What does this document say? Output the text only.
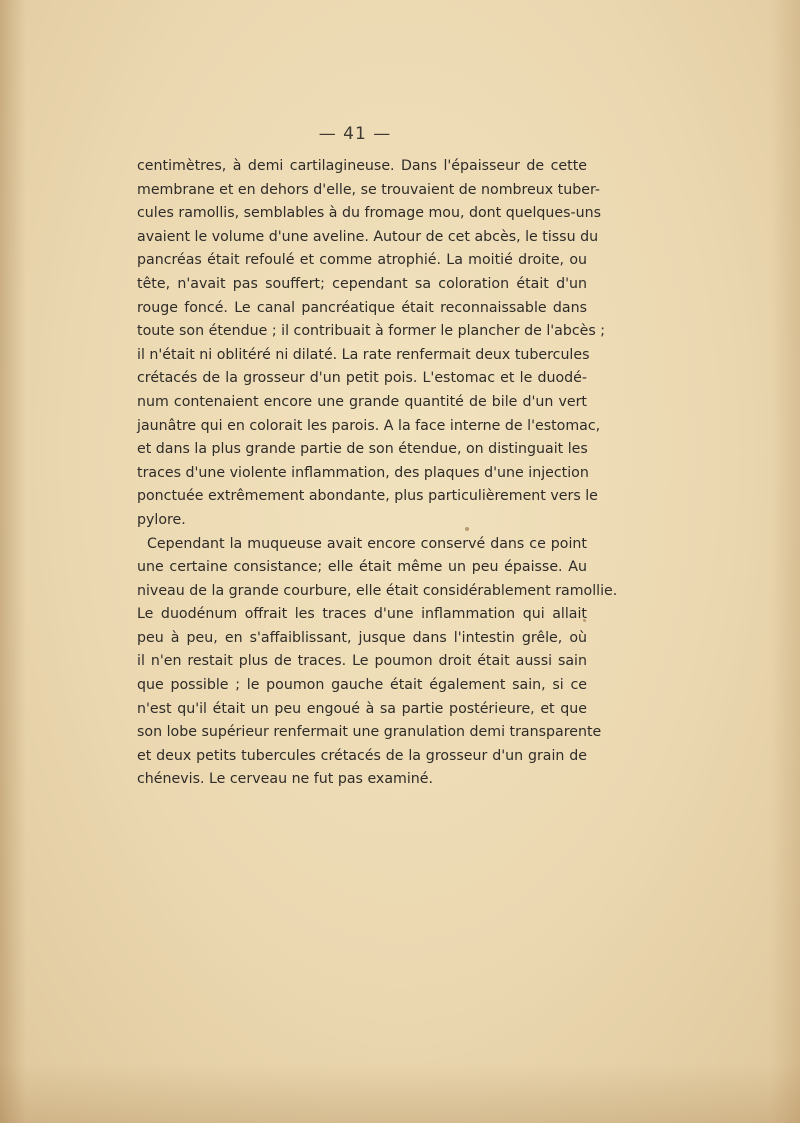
— 41 —
centimètres, à demi cartilagineuse. Dans l'épaisseur de cette
membrane et en dehors d'elle, se trouvaient de nombreux tuber-
cules ramollis, semblables à du fromage mou, dont quelques-uns
avaient le volume d'une aveline. Autour de cet abcès, le tissu du
pancréas était refoulé et comme atrophié. La moitié droite, ou
tête, n'avait pas souffert; cependant sa coloration était d'un
rouge foncé. Le canal pancréatique était reconnaissable dans
toute son étendue ; il contribuait à former le plancher de l'abcès ;
il n'était ni oblitéré ni dilaté. La rate renfermait deux tubercules
crétacés de la grosseur d'un petit pois. L'estomac et le duodé-
num contenaient encore une grande quantité de bile d'un vert
jaunâtre qui en colorait les parois. A la face interne de l'estomac,
et dans la plus grande partie de son étendue, on distinguait les
traces d'une violente inflammation, des plaques d'une injection
ponctuée extrêmement abondante, plus particulièrement vers le
pylore.
Cependant la muqueuse avait encore conservé dans ce point
une certaine consistance; elle était même un peu épaisse. Au
niveau de la grande courbure, elle était considérablement ramollie.
Le duodénum offrait les traces d'une inflammation qui allait
peu à peu, en s'affaiblissant, jusque dans l'intestin grêle, où
il n'en restait plus de traces. Le poumon droit était aussi sain
que possible ; le poumon gauche était également sain, si ce
n'est qu'il était un peu engoué à sa partie postérieure, et que
son lobe supérieur renfermait une granulation demi transparente
et deux petits tubercules crétacés de la grosseur d'un grain de
chénevis. Le cerveau ne fut pas examiné.
